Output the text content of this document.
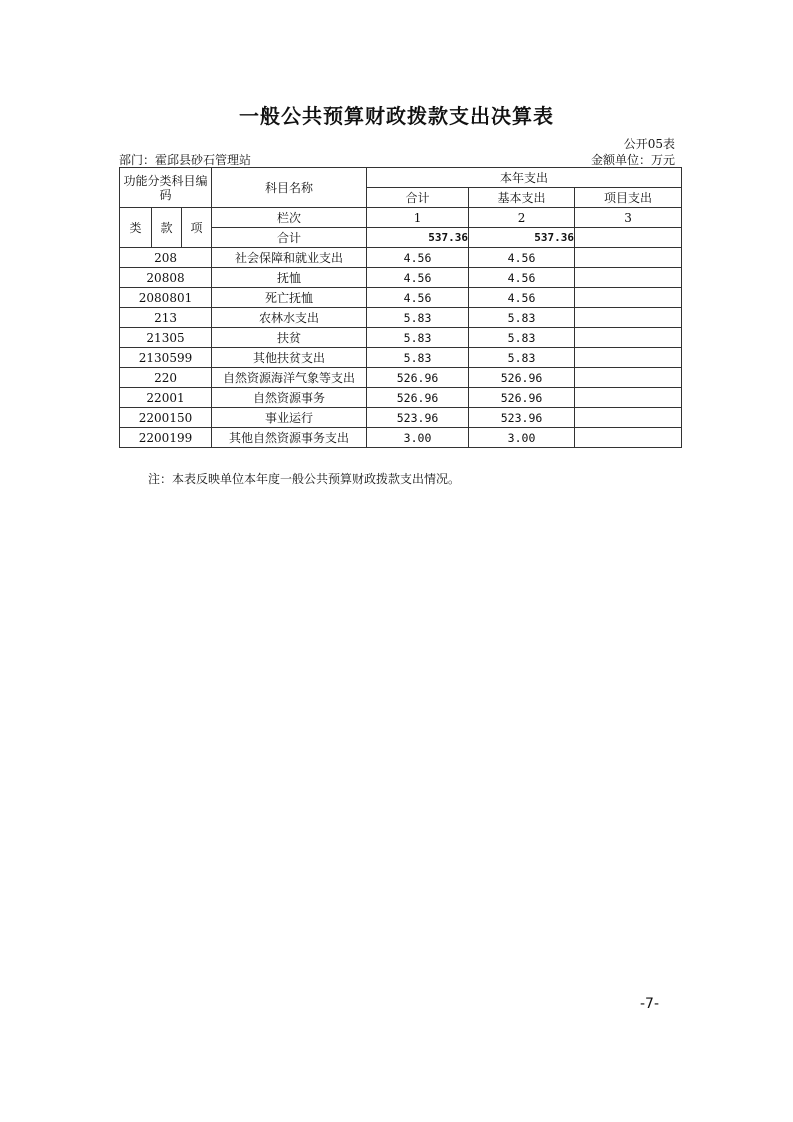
一般公共预算财政拨款支出决算表
公开05表
部门：霍邱县砂石管理站	金额单位：万元
功能分类科目编码			科目名称	本年支出		
				合计	基本支出	项目支出
类	款	项	栏次	1	2	3
			合计	537.36	537.36	
208			社会保障和就业支出	4.56	4.56	
20808			抚恤	4.56	4.56	
2080801			死亡抚恤	4.56	4.56	
213			农林水支出	5.83	5.83	
21305			扶贫	5.83	5.83	
2130599			其他扶贫支出	5.83	5.83	
220			自然资源海洋气象等支出	526.96	526.96	
22001			自然资源事务	526.96	526.96	
2200150			事业运行	523.96	523.96	
2200199			其他自然资源事务支出	3.00	3.00	
注：本表反映单位本年度一般公共预算财政拨款支出情况。
-7-
